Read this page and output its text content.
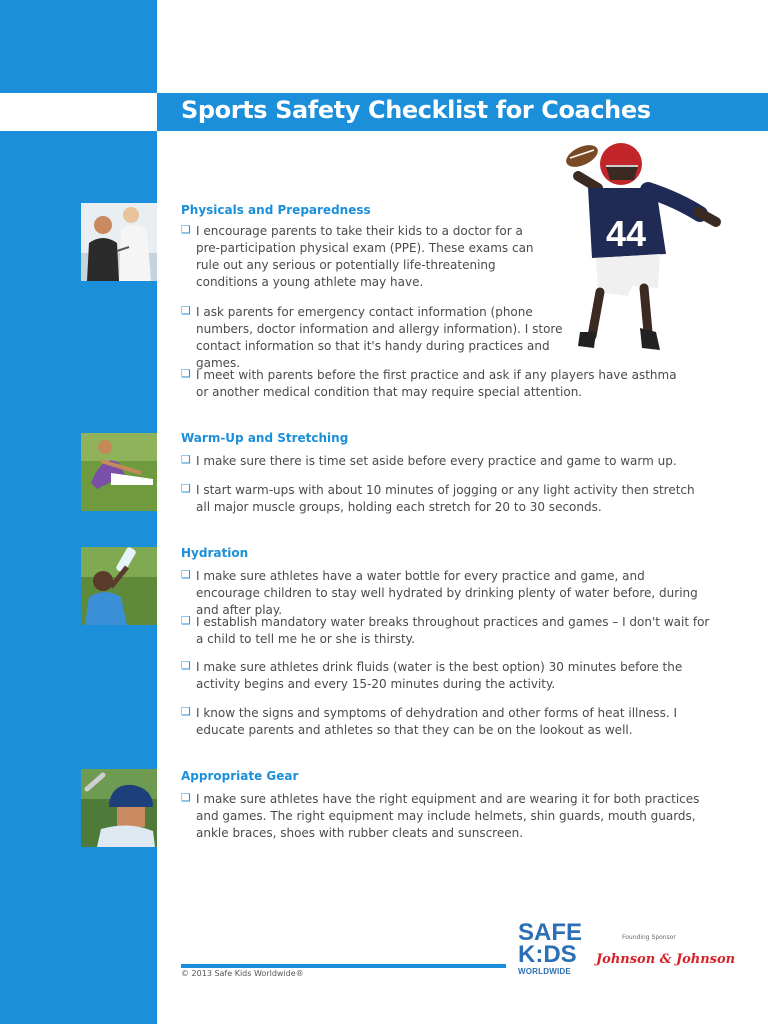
Sports Safety Checklist for Coaches
44
Physicals and Preparedness
❑ I encourage parents to take their kids to a doctor for a pre-participation physical exam (PPE). These exams can rule out any serious or potentially life-threatening conditions a young athlete may have.
❑ I ask parents for emergency contact information (phone numbers, doctor information and allergy information). I store contact information so that it's handy during practices and games.
❑ I meet with parents before the first practice and ask if any players have asthma or another medical condition that may require special attention.
Warm-Up and Stretching
❑ I make sure there is time set aside before every practice and game to warm up.
❑ I start warm-ups with about 10 minutes of jogging or any light activity then stretch all major muscle groups, holding each stretch for 20 to 30 seconds.
Hydration
❑ I make sure athletes have a water bottle for every practice and game, and encourage children to stay well hydrated by drinking plenty of water before, during and after play.
❑ I establish mandatory water breaks throughout practices and games – I don't wait for a child to tell me he or she is thirsty.
❑ I make sure athletes drink fluids (water is the best option) 30 minutes before the activity begins and every 15-20 minutes during the activity.
❑ I know the signs and symptoms of dehydration and other forms of heat illness. I educate parents and athletes so that they can be on the lookout as well.
Appropriate Gear
❑ I make sure athletes have the right equipment and are wearing it for both practices and games. The right equipment may include helmets, shin guards, mouth guards, ankle braces, shoes with rubber cleats and sunscreen.
© 2013 Safe Kids Worldwide®
SAFE
K:DS
WORLDWIDE
Founding Sponsor
Johnson & Johnson
